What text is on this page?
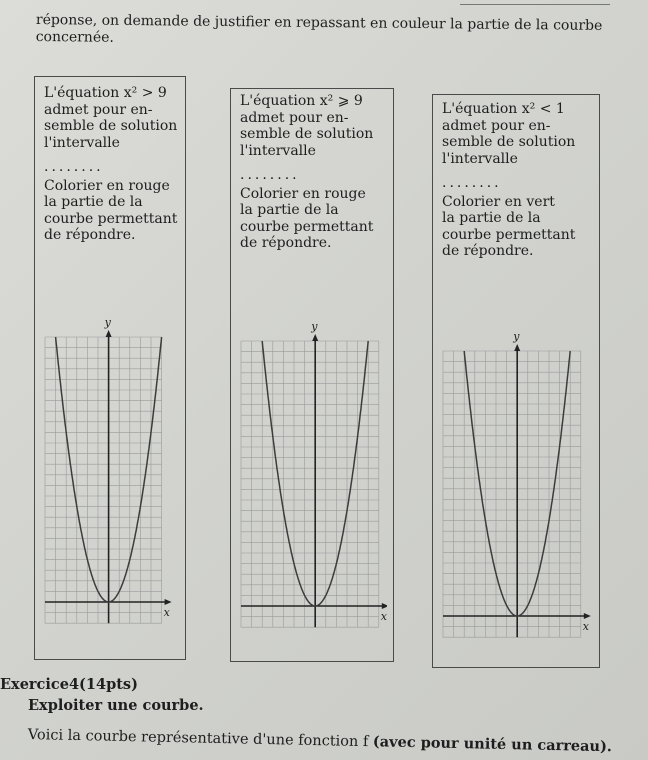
réponse, on demande de justifier en repassant en couleur la partie de la courbe
concernée.

L'équation x² > 9

admet pour en-

semble de solution

l'intervalle

........

Colorier en rouge

la partie de la

courbe permettant

de répondre.

y
x

L'équation x² ⩾ 9

admet pour en-

semble de solution

l'intervalle

........

Colorier en rouge

la partie de la

courbe permettant

de répondre.

y
x

L'équation x² < 1

admet pour en-

semble de solution

l'intervalle

........

Colorier en vert

la partie de la

courbe permettant

de répondre.

y
x
Exercice4(14pts)
Exploiter une courbe.
Voici la courbe représentative d'une fonction f (avec pour unité un carreau).
